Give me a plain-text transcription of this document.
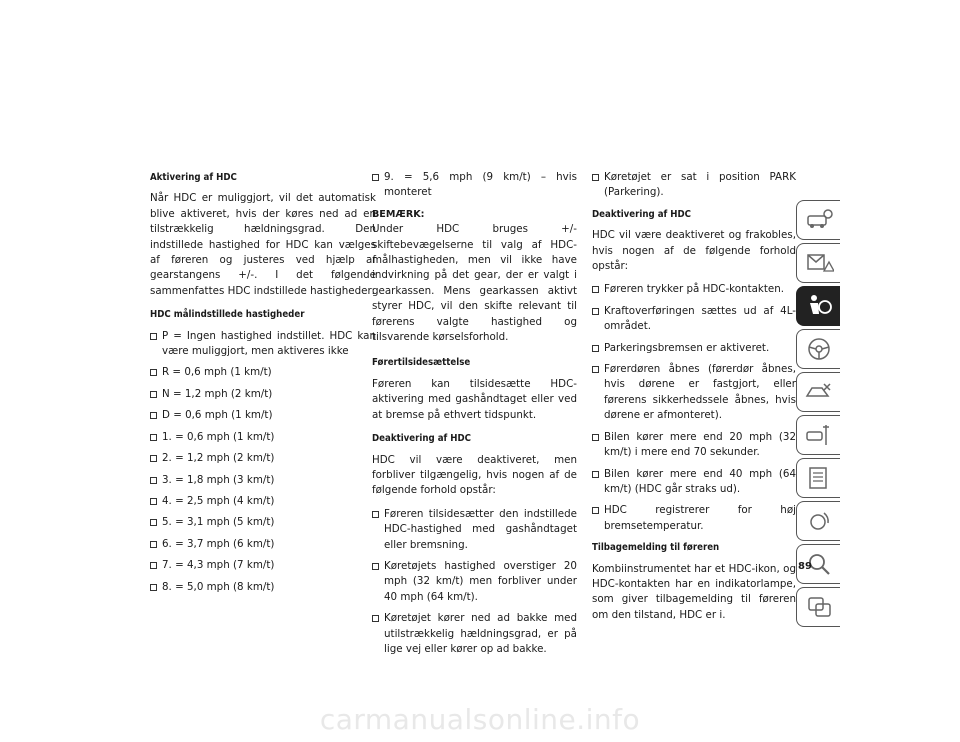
Aktivering af HDC

Når HDC er muliggjort, vil det automatisk blive aktiveret, hvis der køres ned ad en tilstrækkelig hældningsgrad. Den indstillede hastighed for HDC kan vælges af føreren og justeres ved hjælp af gearstangens +/-. I det følgende sammenfattes HDC indstillede hastigheder:

HDC målindstillede hastigheder
P = Ingen hastighed indstillet. HDC kan være muliggjort, men aktiveres ikke
R = 0,6 mph (1 km/t)
N = 1,2 mph (2 km/t)
D = 0,6 mph (1 km/t)
1. = 0,6 mph (1 km/t)
2. = 1,2 mph (2 km/t)
3. = 1,8 mph (3 km/t)
4. = 2,5 mph (4 km/t)
5. = 3,1 mph (5 km/t)
6. = 3,7 mph (6 km/t)
7. = 4,3 mph (7 km/t)
8. = 5,0 mph (8 km/t)
9. = 5,6 mph (9 km/t) – hvis monteret
BEMÆRK:

Under HDC bruges +/- skiftebevægelserne til valg af HDC-målhastigheden, men vil ikke have indvirkning på det gear, der er valgt i gearkassen. Mens gearkassen aktivt styrer HDC, vil den skifte relevant til førerens valgte hastighed og tilsvarende kørselsforhold.

Førertilsidesættelse

Føreren kan tilsidesætte HDC-aktivering med gashåndtaget eller ved at bremse på ethvert tidspunkt.

Deaktivering af HDC

HDC vil være deaktiveret, men forbliver tilgængelig, hvis nogen af de følgende forhold opstår:

Føreren tilsidesætter den indstillede HDC-hastighed med gashåndtaget eller bremsning.
Køretøjets hastighed overstiger 20 mph (32 km/t) men forbliver under 40 mph (64 km/t).
Køretøjet kører ned ad bakke med utilstrækkelig hældningsgrad, er på lige vej eller kører op ad bakke.
Køretøjet er sat i position PARK (Parkering).
Deaktivering af HDC

HDC vil være deaktiveret og frakobles, hvis nogen af de følgende forhold opstår:

Føreren trykker på HDC-kontakten.
Kraftoverføringen sættes ud af 4L-området.
Parkeringsbremsen er aktiveret.
Førerdøren åbnes (førerdør åbnes, hvis dørene er fastgjort, eller førerens sikkerhedssele åbnes, hvis dørene er afmonteret).
Bilen kører mere end 20 mph (32 km/t) i mere end 70 sekunder.
Bilen kører mere end 40 mph (64 km/t) (HDC går straks ud).
HDC registrerer for høj bremsetemperatur.
Tilbagemelding til føreren

Kombiinstrumentet har et HDC-ikon, og HDC-kontakten har en indikatorlampe, som giver tilbagemelding til føreren om den tilstand, HDC er i.

89
carmanualsonline.info
